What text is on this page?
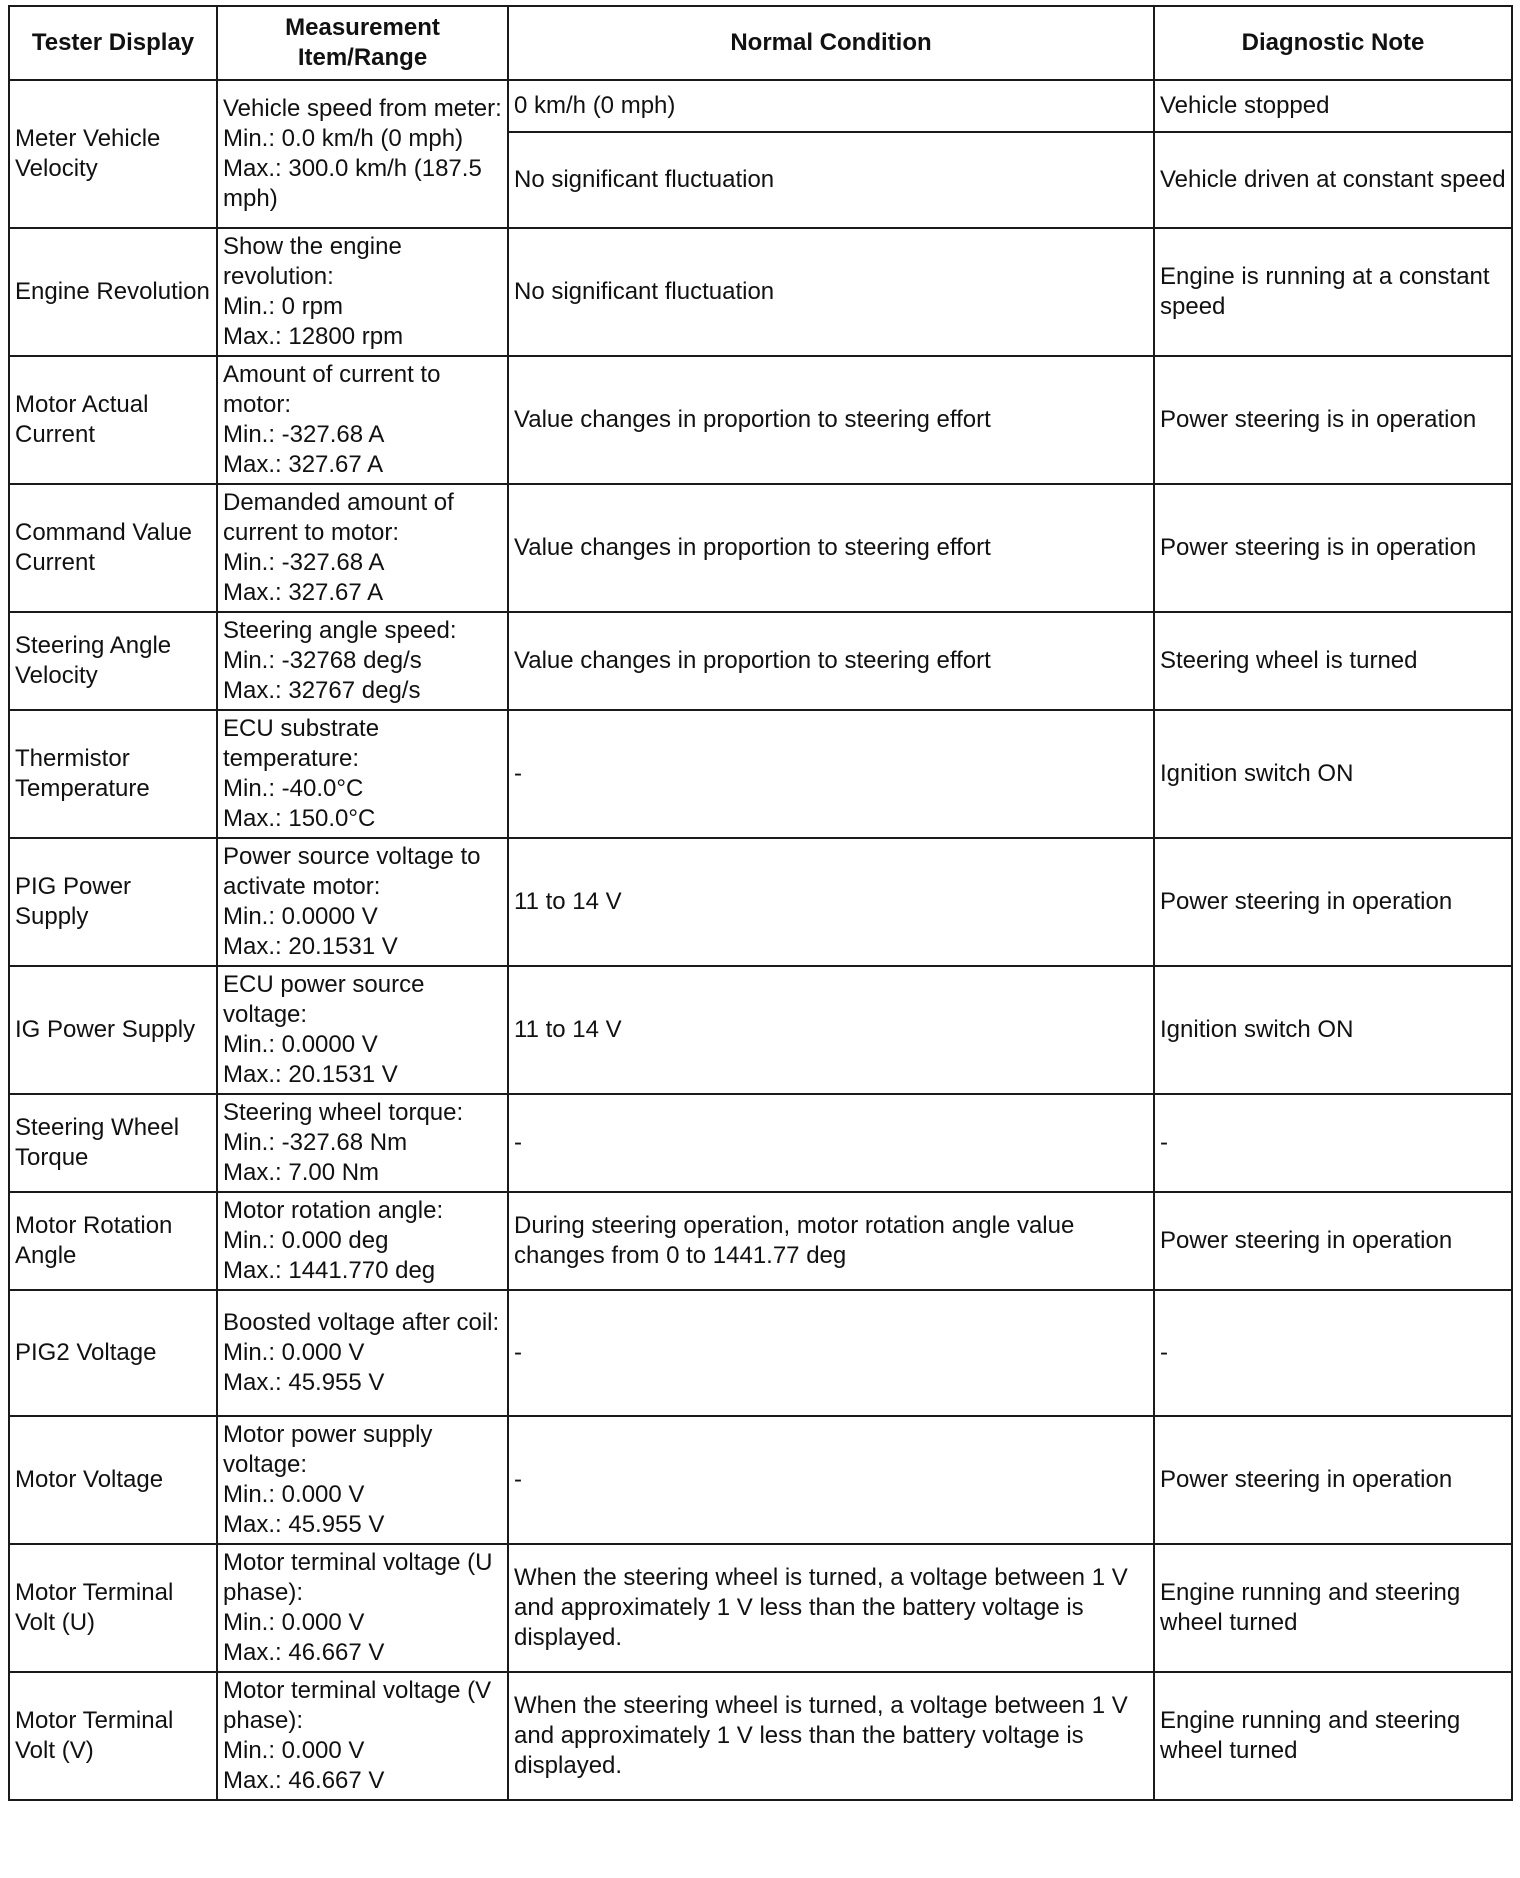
Tester Display	Measurement Item/Range	Normal Condition	Diagnostic Note
Meter Vehicle Velocity	Vehicle speed from meter:
Min.: 0.0 km/h (0 mph)
Max.: 300.0 km/h (187.5 mph)	0 km/h (0 mph)	Vehicle stopped
		No significant fluctuation	Vehicle driven at constant speed
Engine Revolution	Show the engine revolution:
Min.: 0 rpm
Max.: 12800 rpm	No significant fluctuation	Engine is running at a constant speed
Motor Actual Current	Amount of current to motor:
Min.: -327.68 A
Max.: 327.67 A	Value changes in proportion to steering effort	Power steering is in operation
Command Value Current	Demanded amount of current to motor:
Min.: -327.68 A
Max.: 327.67 A	Value changes in proportion to steering effort	Power steering is in operation
Steering Angle Velocity	Steering angle speed:
Min.: -32768 deg/s
Max.: 32767 deg/s	Value changes in proportion to steering effort	Steering wheel is turned
Thermistor Temperature	ECU substrate temperature:
Min.: -40.0°C
Max.: 150.0°C	-	Ignition switch ON
PIG Power Supply	Power source voltage to activate motor:
Min.: 0.0000 V
Max.: 20.1531 V	11 to 14 V	Power steering in operation
IG Power Supply	ECU power source voltage:
Min.: 0.0000 V
Max.: 20.1531 V	11 to 14 V	Ignition switch ON
Steering Wheel Torque	Steering wheel torque:
Min.: -327.68 Nm
Max.: 7.00 Nm	-	-
Motor Rotation Angle	Motor rotation angle:
Min.: 0.000 deg
Max.: 1441.770 deg	During steering operation, motor rotation angle value changes from 0 to 1441.77 deg	Power steering in operation
PIG2 Voltage	Boosted voltage after coil:
Min.: 0.000 V
Max.: 45.955 V	-	-
Motor Voltage	Motor power supply voltage:
Min.: 0.000 V
Max.: 45.955 V	-	Power steering in operation
Motor Terminal Volt (U)	Motor terminal voltage (U phase):
Min.: 0.000 V
Max.: 46.667 V	When the steering wheel is turned, a voltage between 1 V and approximately 1 V less than the battery voltage is displayed.	Engine running and steering wheel turned
Motor Terminal Volt (V)	Motor terminal voltage (V phase):
Min.: 0.000 V
Max.: 46.667 V	When the steering wheel is turned, a voltage between 1 V and approximately 1 V less than the battery voltage is displayed.	Engine running and steering wheel turned
